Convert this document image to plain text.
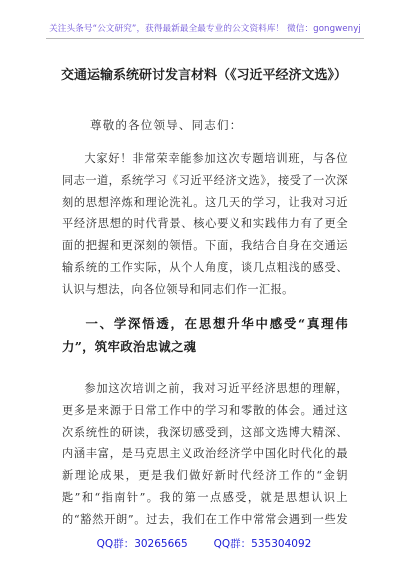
关注头条号“公文研究”，获得最新最全最专业的公文资料库！ 微信：gongwenyj
交通运输系统研讨发言材料（《习近平经济文选》）
尊敬的各位领导、同志们：
大家好！非常荣幸能参加这次专题培训班，与各位同志一道，系统学习《习近平经济文选》，接受了一次深刻的思想淬炼和理论洗礼。这几天的学习，让我对习近平经济思想的时代背景、核心要义和实践伟力有了更全面的把握和更深刻的领悟。下面，我结合自身在交通运输系统的工作实际，从个人角度，谈几点粗浅的感受、认识与想法，向各位领导和同志们作一汇报。
一、学深悟透，在思想升华中感受“真理伟力”，筑牢政治忠诚之魂
参加这次培训之前，我对习近平经济思想的理解，更多是来源于日常工作中的学习和零散的体会。通过这次系统性的研读，我深切感受到，这部文选博大精深、内涵丰富，是马克思主义政治经济学中国化时代化的最新理论成果，更是我们做好新时代经济工作的“金钥匙”和“指南针”。我的第一点感受，就是思想认识上的“豁然开朗”。过去，我们在工作中常常会遇到一些发
QQ群：30265665 QQ群：535304092
